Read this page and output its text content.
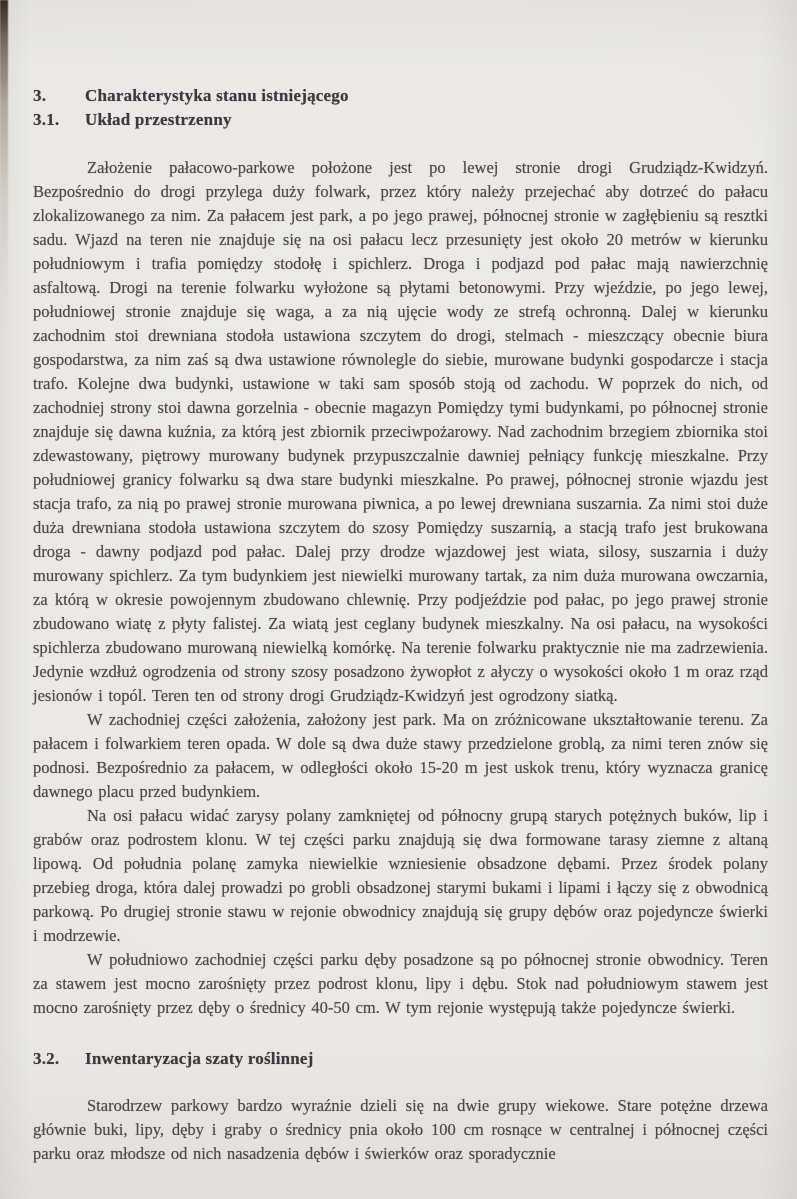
3.	Charakterystyka stanu istniejącego
3.1.	Układ przestrzenny

Założenie pałacowo-parkowe położone jest po lewej stronie drogi Grudziądz-Kwidzyń. Bezpośrednio do drogi przylega duży folwark, przez który należy przejechać aby dotrzeć do pałacu zlokalizowanego za nim. Za pałacem jest park, a po jego prawej, północnej stronie w zagłębieniu są resztki sadu. Wjazd na teren nie znajduje się na osi pałacu lecz przesunięty jest około 20 metrów w kierunku południowym i trafia pomiędzy stodołę i spichlerz. Droga i podjazd pod pałac mają nawierzchnię asfaltową. Drogi na terenie folwarku wyłożone są płytami betonowymi. Przy wjeździe, po jego lewej, południowej stronie znajduje się waga, a za nią ujęcie wody ze strefą ochronną. Dalej w kierunku zachodnim stoi drewniana stodoła ustawiona szczytem do drogi, stelmach - mieszczący obecnie biura gospodarstwa, za nim zaś są dwa ustawione równolegle do siebie, murowane budynki gospodarcze i stacja trafo. Kolejne dwa budynki, ustawione w taki sam sposób stoją od zachodu. W poprzek do nich, od zachodniej strony stoi dawna gorzelnia - obecnie magazyn Pomiędzy tymi budynkami, po północnej stronie znajduje się dawna kuźnia, za którą jest zbiornik przeciwpożarowy. Nad zachodnim brzegiem zbiornika stoi zdewastowany, piętrowy murowany budynek przypuszczalnie dawniej pełniący funkcję mieszkalne. Przy południowej granicy folwarku są dwa stare budynki mieszkalne. Po prawej, północnej stronie wjazdu jest stacja trafo, za nią po prawej stronie murowana piwnica, a po lewej drewniana suszarnia. Za nimi stoi duże duża drewniana stodoła ustawiona szczytem do szosy Pomiędzy suszarnią, a stacją trafo jest brukowana droga - dawny podjazd pod pałac. Dalej przy drodze wjazdowej jest wiata, silosy, suszarnia i duży murowany spichlerz. Za tym budynkiem jest niewielki murowany tartak, za nim duża murowana owczarnia, za którą w okresie powojennym zbudowano chlewnię. Przy podjeździe pod pałac, po jego prawej stronie zbudowano wiatę z płyty falistej. Za wiatą jest ceglany budynek mieszkalny. Na osi pałacu, na wysokości spichlerza zbudowano murowaną niewielką komórkę. Na terenie folwarku praktycznie nie ma zadrzewienia. Jedynie wzdłuż ogrodzenia od strony szosy posadzono żywopłot z ałyczy o wysokości około 1 m oraz rząd jesionów i topól. Teren ten od strony drogi Grudziądz-Kwidzyń jest ogrodzony siatką.

W zachodniej części założenia, założony jest park. Ma on zróżnicowane ukształtowanie terenu. Za pałacem i folwarkiem teren opada. W dole są dwa duże stawy przedzielone groblą, za nimi teren znów się podnosi. Bezpośrednio za pałacem, w odległości około 15-20 m jest uskok trenu, który wyznacza granicę dawnego placu przed budynkiem.

Na osi pałacu widać zarysy polany zamkniętej od północny grupą starych potężnych buków, lip i grabów oraz podrostem klonu. W tej części parku znajdują się dwa formowane tarasy ziemne z altaną lipową. Od południa polanę zamyka niewielkie wzniesienie obsadzone dębami. Przez środek polany przebieg droga, która dalej prowadzi po grobli obsadzonej starymi bukami i lipami i łączy się z obwodnicą parkową. Po drugiej stronie stawu w rejonie obwodnicy znajdują się grupy dębów oraz pojedyncze świerki i modrzewie.

W południowo zachodniej części parku dęby posadzone są po północnej stronie obwodnicy. Teren za stawem jest mocno zarośnięty przez podrost klonu, lipy i dębu. Stok nad południowym stawem jest mocno zarośnięty przez dęby o średnicy 40-50 cm. W tym rejonie występują także pojedyncze świerki.

3.2.	Inwentaryzacja szaty roślinnej

Starodrzew parkowy bardzo wyraźnie dzieli się na dwie grupy wiekowe. Stare potężne drzewa głównie buki, lipy, dęby i graby o średnicy pnia około 100 cm rosnące w centralnej i północnej części parku oraz młodsze od nich nasadzenia dębów i świerków oraz sporadycznie
